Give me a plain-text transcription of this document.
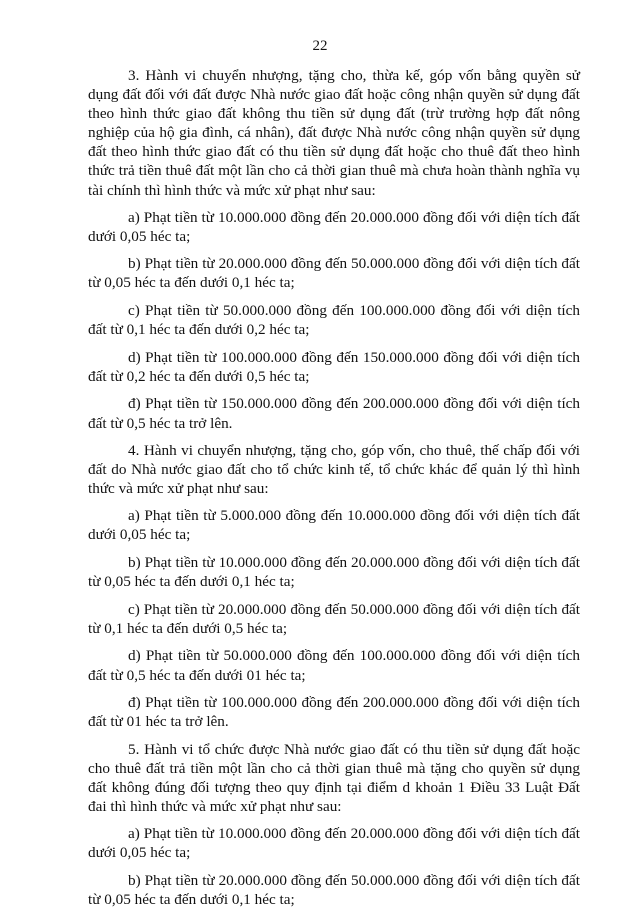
22

3. Hành vi chuyển nhượng, tặng cho, thừa kế, góp vốn bằng quyền sử dụng đất đối với đất được Nhà nước giao đất hoặc công nhận quyền sử dụng đất theo hình thức giao đất không thu tiền sử dụng đất (trừ trường hợp đất nông nghiệp của hộ gia đình, cá nhân), đất được Nhà nước công nhận quyền sử dụng đất theo hình thức giao đất có thu tiền sử dụng đất hoặc cho thuê đất theo hình thức trả tiền thuê đất một lần cho cả thời gian thuê mà chưa hoàn thành nghĩa vụ tài chính thì hình thức và mức xử phạt như sau:

a) Phạt tiền từ 10.000.000 đồng đến 20.000.000 đồng đối với diện tích đất dưới 0,05 héc ta;

b) Phạt tiền từ 20.000.000 đồng đến 50.000.000 đồng đối với diện tích đất từ 0,05 héc ta đến dưới 0,1 héc ta;

c) Phạt tiền từ 50.000.000 đồng đến 100.000.000 đồng đối với diện tích đất từ 0,1 héc ta đến dưới 0,2 héc ta;

d) Phạt tiền từ 100.000.000 đồng đến 150.000.000 đồng đối với diện tích đất từ 0,2 héc ta đến dưới 0,5 héc ta;

đ) Phạt tiền từ 150.000.000 đồng đến 200.000.000 đồng đối với diện tích đất từ 0,5 héc ta trở lên.

4. Hành vi chuyển nhượng, tặng cho, góp vốn, cho thuê, thế chấp đối với đất do Nhà nước giao đất cho tổ chức kinh tế, tổ chức khác để quản lý thì hình thức và mức xử phạt như sau:

a) Phạt tiền từ 5.000.000 đồng đến 10.000.000 đồng đối với diện tích đất dưới 0,05 héc ta;

b) Phạt tiền từ 10.000.000 đồng đến 20.000.000 đồng đối với diện tích đất từ 0,05 héc ta đến dưới 0,1 héc ta;

c) Phạt tiền từ 20.000.000 đồng đến 50.000.000 đồng đối với diện tích đất từ 0,1 héc ta đến dưới 0,5 héc ta;

d) Phạt tiền từ 50.000.000 đồng đến 100.000.000 đồng đối với diện tích đất từ 0,5 héc ta đến dưới 01 héc ta;

đ) Phạt tiền từ 100.000.000 đồng đến 200.000.000 đồng đối với diện tích đất từ 01 héc ta trở lên.

5. Hành vi tổ chức được Nhà nước giao đất có thu tiền sử dụng đất hoặc cho thuê đất trả tiền một lần cho cả thời gian thuê mà tặng cho quyền sử dụng đất không đúng đối tượng theo quy định tại điểm d khoản 1 Điều 33 Luật Đất đai thì hình thức và mức xử phạt như sau:

a) Phạt tiền từ 10.000.000 đồng đến 20.000.000 đồng đối với diện tích đất dưới 0,05 héc ta;

b) Phạt tiền từ 20.000.000 đồng đến 50.000.000 đồng đối với diện tích đất từ 0,05 héc ta đến dưới 0,1 héc ta;
